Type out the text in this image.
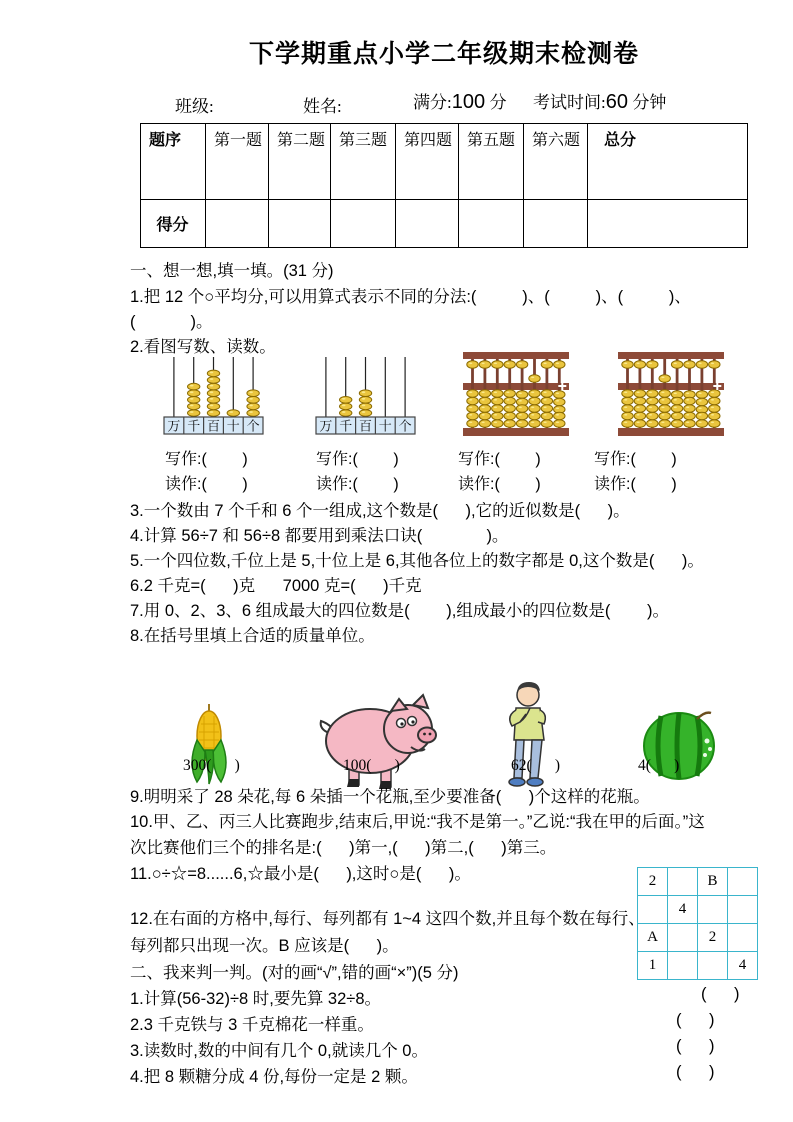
下学期重点小学二年级期末检测卷
班级:	姓名:	满分:100 分 考试时间:60 分钟
题序	第一题	第二题	第三题	第四题	第五题	第六题	总分
得分							
一、想一想,填一填。(31 分)
1.把 12 个○平均分,可以用算式表示不同的分法:(          )、(          )、(          )、
(            )。
2.看图写数、读数。
万 千 百 十 个	万 千 百 十 个
写作:(        )	写作:(        )	写作:(        )	写作:(        )
读作:(        )	读作:(        )	读作:(        )	读作:(        )
3.一个数由 7 个千和 6 个一组成,这个数是(      ),它的近似数是(      )。
4.计算 56÷7 和 56÷8 都要用到乘法口诀(              )。
5.一个四位数,千位上是 5,十位上是 6,其他各位上的数字都是 0,这个数是(      )。
6.2 千克=(      )克      7000 克=(      )千克
7.用 0、2、3、6 组成最大的四位数是(        ),组成最小的四位数是(        )。
8.在括号里填上合适的质量单位。

300(      )	100(      )	62(      )	4(      )
9.明明采了 28 朵花,每 6 朵插一个花瓶,至少要准备(      )个这样的花瓶。
10.甲、乙、丙三人比赛跑步,结束后,甲说:“我不是第一。”乙说:“我在甲的后面。”这
次比赛他们三个的排名是:(      )第一,(      )第二,(      )第三。
11.○÷☆=8......6,☆最小是(      ),这时○是(      )。	2		B	
	4		
A		2	
1			4
12.在右面的方格中,每行、每列都有 1~4 这四个数,并且每个数在每行、
每列都只出现一次。B 应该是(      )。
二、我来判一判。(对的画“√”,错的画“×”)(5 分)
1.计算(56-32)÷8 时,要先算 32÷8。	(      )
2.3 千克铁与 3 千克棉花一样重。	(      )
3.读数时,数的中间有几个 0,就读几个 0。	(      )
4.把 8 颗糖分成 4 份,每份一定是 2 颗。	(      )
